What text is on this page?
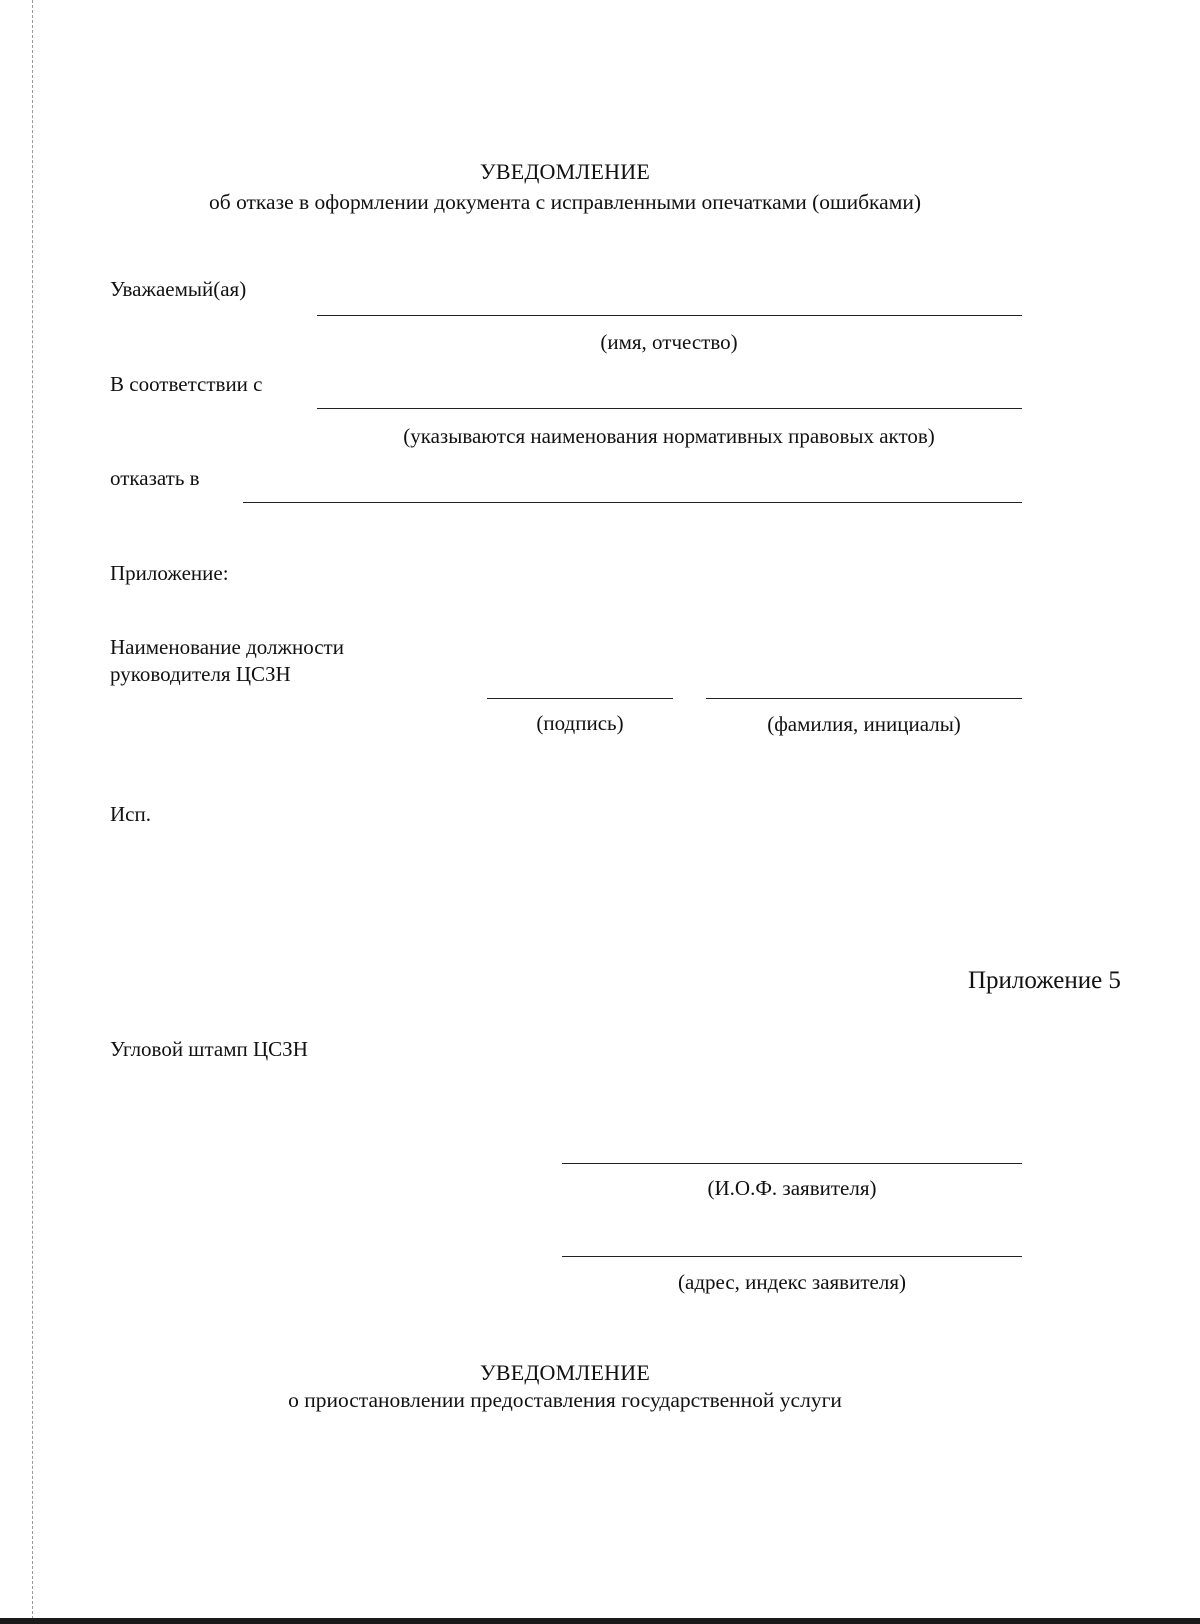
УВЕДОМЛЕНИЕ
об отказе в оформлении документа с исправленными опечатками (ошибками)
Уважаемый(ая)
(имя, отчество)
В соответствии с
(указываются наименования нормативных правовых актов)
отказать в
Приложение:
Наименование должности
руководителя ЦСЗН
(подпись)	(фамилия, инициалы)
Исп.
Приложение 5
Угловой штамп ЦСЗН
(И.О.Ф. заявителя)
(адрес, индекс заявителя)
УВЕДОМЛЕНИЕ
о приостановлении предоставления государственной услуги
